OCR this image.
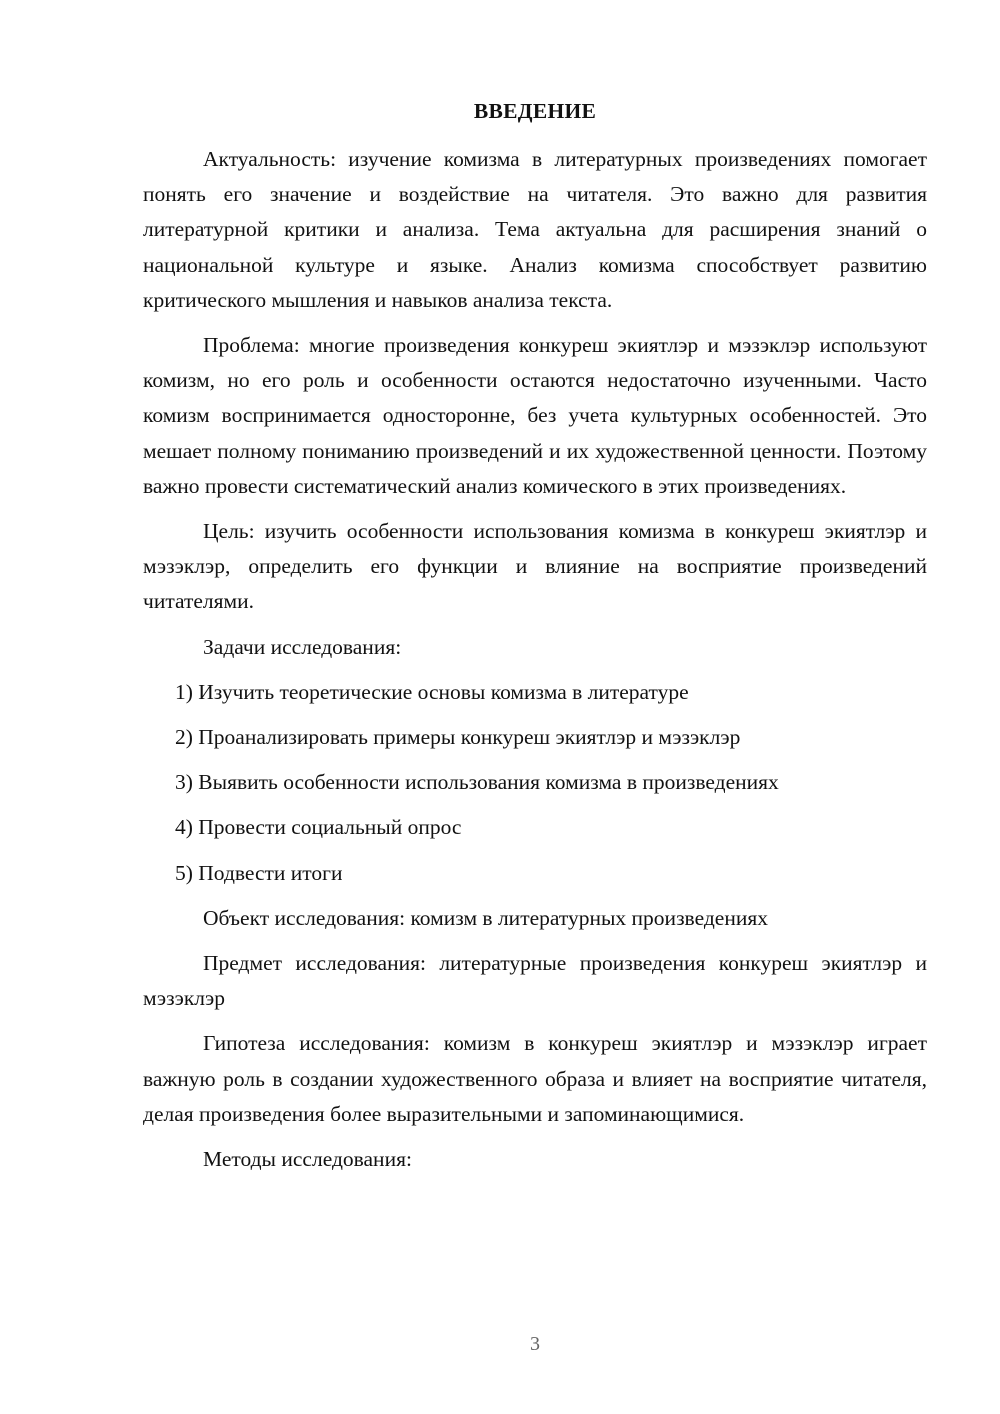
ВВЕДЕНИЕ

Актуальность: изучение комизма в литературных произведениях помогает понять его значение и воздействие на читателя. Это важно для развития литературной критики и анализа. Тема актуальна для расширения знаний о национальной культуре и языке. Анализ комизма способствует развитию критического мышления и навыков анализа текста.

Проблема: многие произведения конкуреш экиятлэр и мэзэклэр используют комизм, но его роль и особенности остаются недостаточно изученными. Часто комизм воспринимается односторонне, без учета культурных особенностей. Это мешает полному пониманию произведений и их художественной ценности. Поэтому важно провести систематический анализ комического в этих произведениях.

Цель: изучить особенности использования комизма в конкуреш экиятлэр и мэзэклэр, определить его функции и влияние на восприятие произведений читателями.

Задачи исследования:

1) Изучить теоретические основы комизма в литературе
2) Проанализировать примеры конкуреш экиятлэр и мэзэклэр
3) Выявить особенности использования комизма в произведениях
4) Провести социальный опрос
5) Подвести итоги

Объект исследования: комизм в литературных произведениях

Предмет исследования: литературные произведения конкуреш экиятлэр и мэзэклэр

Гипотеза исследования: комизм в конкуреш экиятлэр и мэзэклэр играет важную роль в создании художественного образа и влияет на восприятие читателя, делая произведения более выразительными и запоминающимися.

Методы исследования:

3
